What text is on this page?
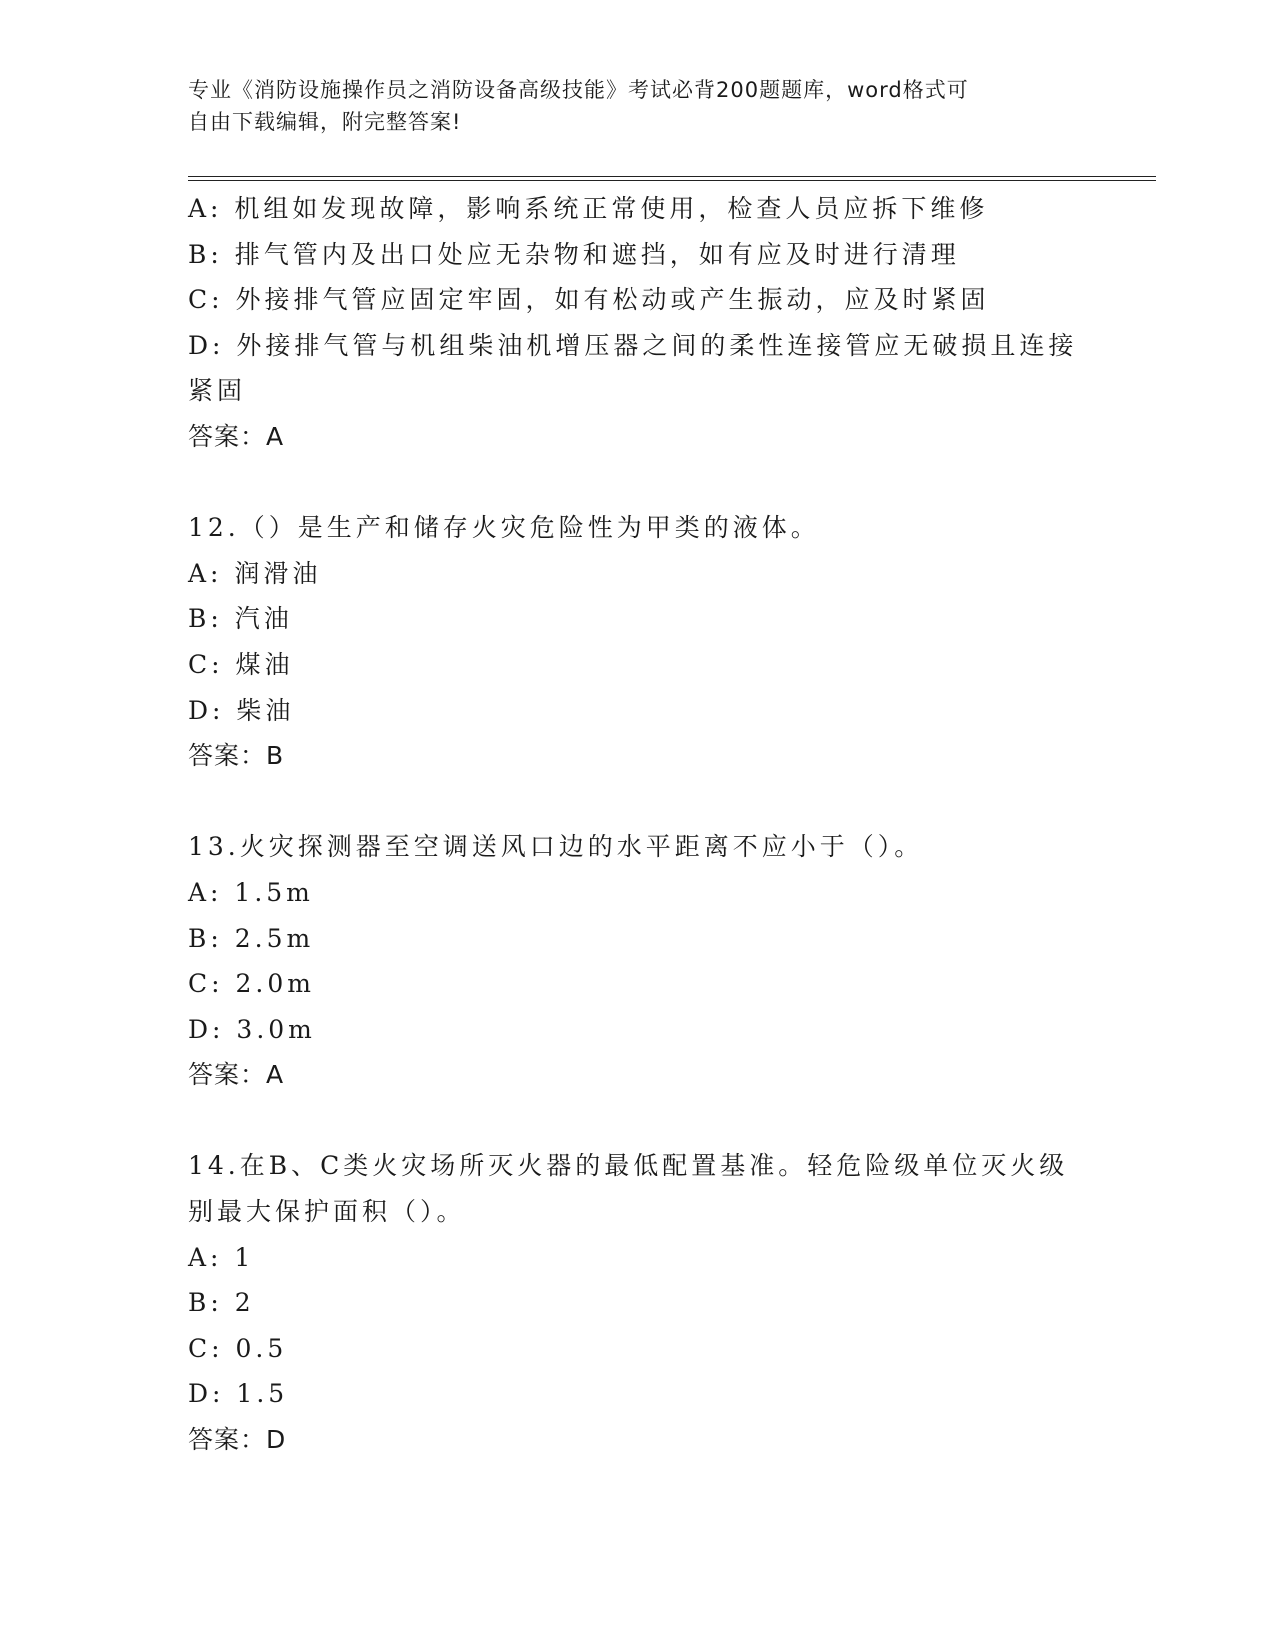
专业《消防设施操作员之消防设备高级技能》考试必背200题题库，word格式可
自由下载编辑，附完整答案!
A: 机组如发现故障，影响系统正常使用，检查人员应拆下维修
B: 排气管内及出口处应无杂物和遮挡，如有应及时进行清理
C: 外接排气管应固定牢固，如有松动或产生振动，应及时紧固
D: 外接排气管与机组柴油机增压器之间的柔性连接管应无破损且连接
紧固
答案：A
12.（）是生产和储存火灾危险性为甲类的液体。
A: 润滑油
B: 汽油
C: 煤油
D: 柴油
答案：B
13.火灾探测器至空调送风口边的水平距离不应小于（）。
A: 1.5m
B: 2.5m
C: 2.0m
D: 3.0m
答案：A
14.在B、C类火灾场所灭火器的最低配置基准。轻危险级单位灭火级
别最大保护面积（）。
A: 1
B: 2
C: 0.5
D: 1.5
答案：D
